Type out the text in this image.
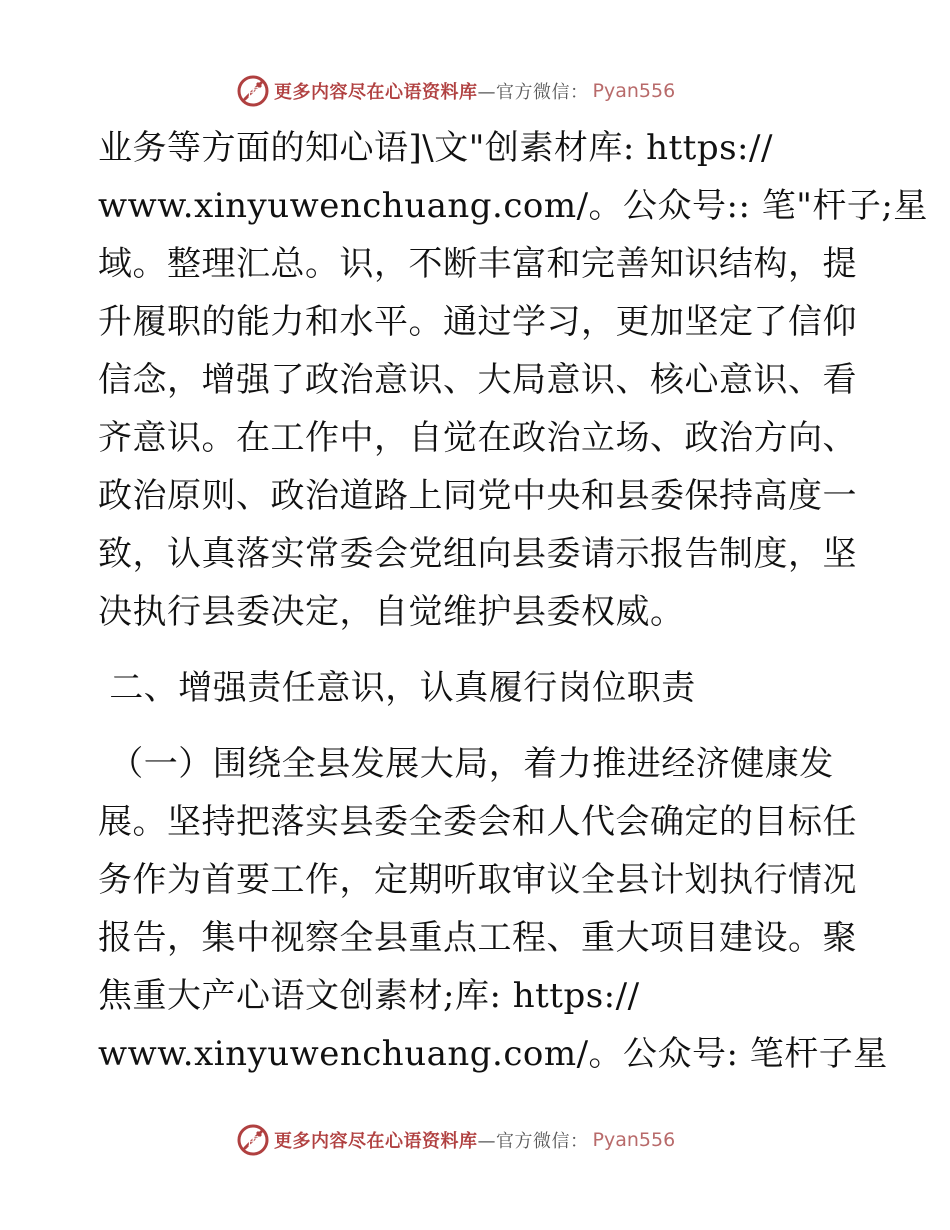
语 更多内容尽在心语资料库 —官方微信： Pyan556

业务等方面的知心语]\文"创素材库: https://

www.xinyuwenchuang.com/。公众号:: 笔"杆子;星

域。整理汇总。识，不断丰富和完善知识结构，提

升履职的能力和水平。通过学习，更加坚定了信仰

信念，增强了政治意识、大局意识、核心意识、看

齐意识。在工作中，自觉在政治立场、政治方向、

政治原则、政治道路上同党中央和县委保持高度一

致，认真落实常委会党组向县委请示报告制度，坚

决执行县委决定，自觉维护县委权威。

二、增强责任意识，认真履行岗位职责

（一）围绕全县发展大局，着力推进经济健康发

展。坚持把落实县委全委会和人代会确定的目标任

务作为首要工作，定期听取审议全县计划执行情况

报告，集中视察全县重点工程、重大项目建设。聚

焦重大产心语文创素材;库: https://

www.xinyuwenchuang.com/。公众号: 笔杆子星

语 更多内容尽在心语资料库 —官方微信： Pyan556
